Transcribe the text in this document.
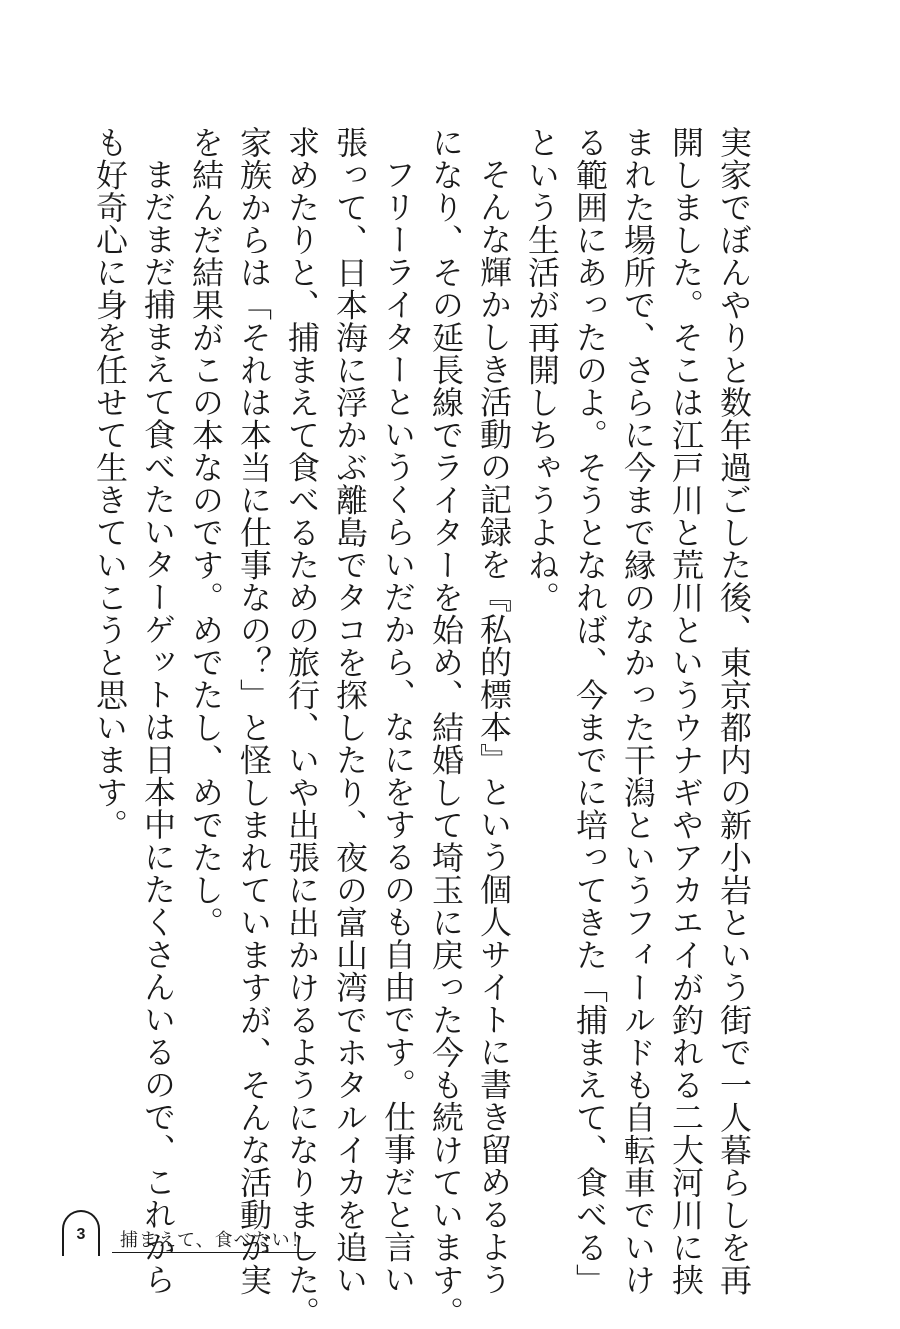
実家でぼんやりと数年過ごした後、東京都内の新小岩という街で一人暮らしを再
開しました。そこは江戸川と荒川というウナギやアカエイが釣れる二大河川に挟
まれた場所で、さらに今まで縁のなかった干潟というフィールドも自転車でいけ
る範囲にあったのよ。そうとなれば、今までに培ってきた「捕まえて、食べる」
という生活が再開しちゃうよね。
そんな輝かしき活動の記録を『私的標本』という個人サイトに書き留めるよう
になり、その延長線でライターを始め、結婚して埼玉に戻った今も続けています。
フリーライターというくらいだから、なにをするのも自由です。仕事だと言い
張って、日本海に浮かぶ離島でタコを探したり、夜の富山湾でホタルイカを追い
求めたりと、捕まえて食べるための旅行、いや出張に出かけるようになりました。
家族からは「それは本当に仕事なの？」と怪しまれていますが、そんな活動が実
を結んだ結果がこの本なのです。めでたし、めでたし。
まだまだ捕まえて食べたいターゲットは日本中にたくさんいるので、これから
も好奇心に身を任せて生きていこうと思います。
3	捕まえて、食べたい！
